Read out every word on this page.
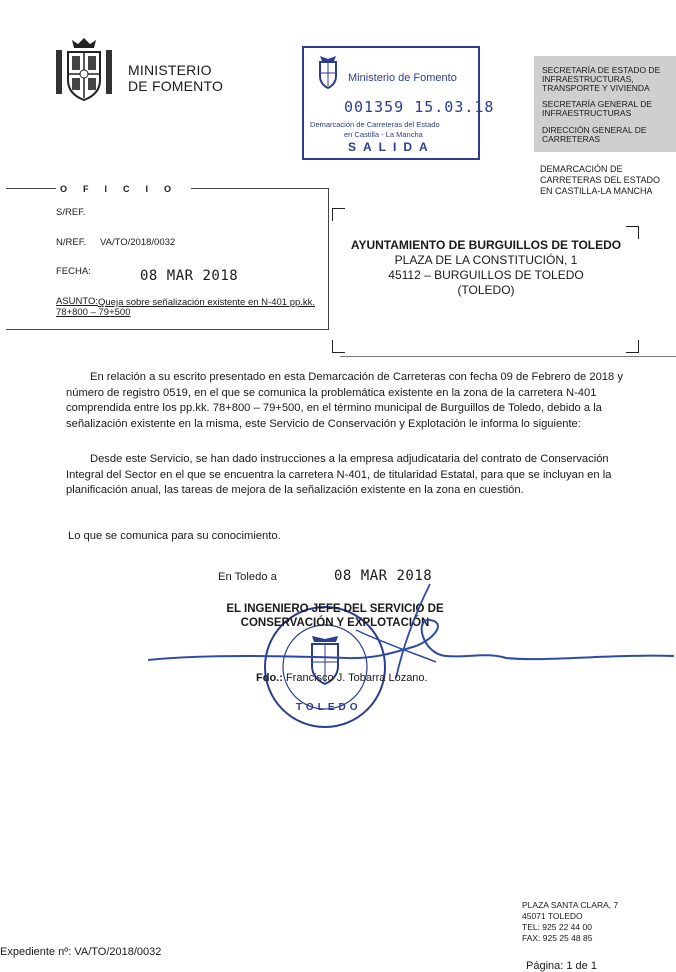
MINISTERIO
DE FOMENTO	Ministerio de Fomento
001359 15.03.18
Demarcación de Carreteras del Estado
en Castilla - La Mancha
SALIDA
SECRETARÍA DE ESTADO DE INFRAESTRUCTURAS, TRANSPORTE Y VIVIENDA
SECRETARÍA GENERAL DE INFRAESTRUCTURAS
DIRECCIÓN GENERAL DE CARRETERAS
DEMARCACIÓN DE
CARRETERAS DEL ESTADO
EN CASTILLA-LA MANCHA
OFICIO
S/REF.
N/REF. VA/TO/2018/0032
FECHA:	08 MAR 2018
ASUNTO: Queja sobre señalización existente en N-401 pp.kk.
78+800 – 79+500
AYUNTAMIENTO DE BURGUILLOS DE TOLEDO
PLAZA DE LA CONSTITUCIÓN, 1
45112 – BURGUILLOS DE TOLEDO
(TOLEDO)
En relación a su escrito presentado en esta Demarcación de Carreteras con fecha 09 de Febrero de 2018 y
número de registro 0519, en el que se comunica la problemática existente en la zona de la carretera N-401
comprendida entre los pp.kk. 78+800 – 79+500, en el término municipal de Burguillos de Toledo, debido a la
señalización existente en la misma, este Servicio de Conservación y Explotación le informa lo siguiente:
Desde este Servicio, se han dado instrucciones a la empresa adjudicataria del contrato de Conservación
Integral del Sector en el que se encuentra la carretera N-401, de titularidad Estatal, para que se incluyan en la
planificación anual, las tareas de mejora de la señalización existente en la zona en cuestión.
Lo que se comunica para su conocimiento.
En Toledo a	08 MAR 2018
TOLEDO
EL INGENIERO JEFE DEL SERVICIO DE
CONSERVACIÓN Y EXPLOTACIÓN
Fdo.: Francisco J. Tobarra Lozano.
PLAZA SANTA CLARA, 7
45071 TOLEDO
TEL: 925 22 44 00
FAX: 925 25 48 85
Expediente nº: VA/TO/2018/0032
Página: 1 de 1
